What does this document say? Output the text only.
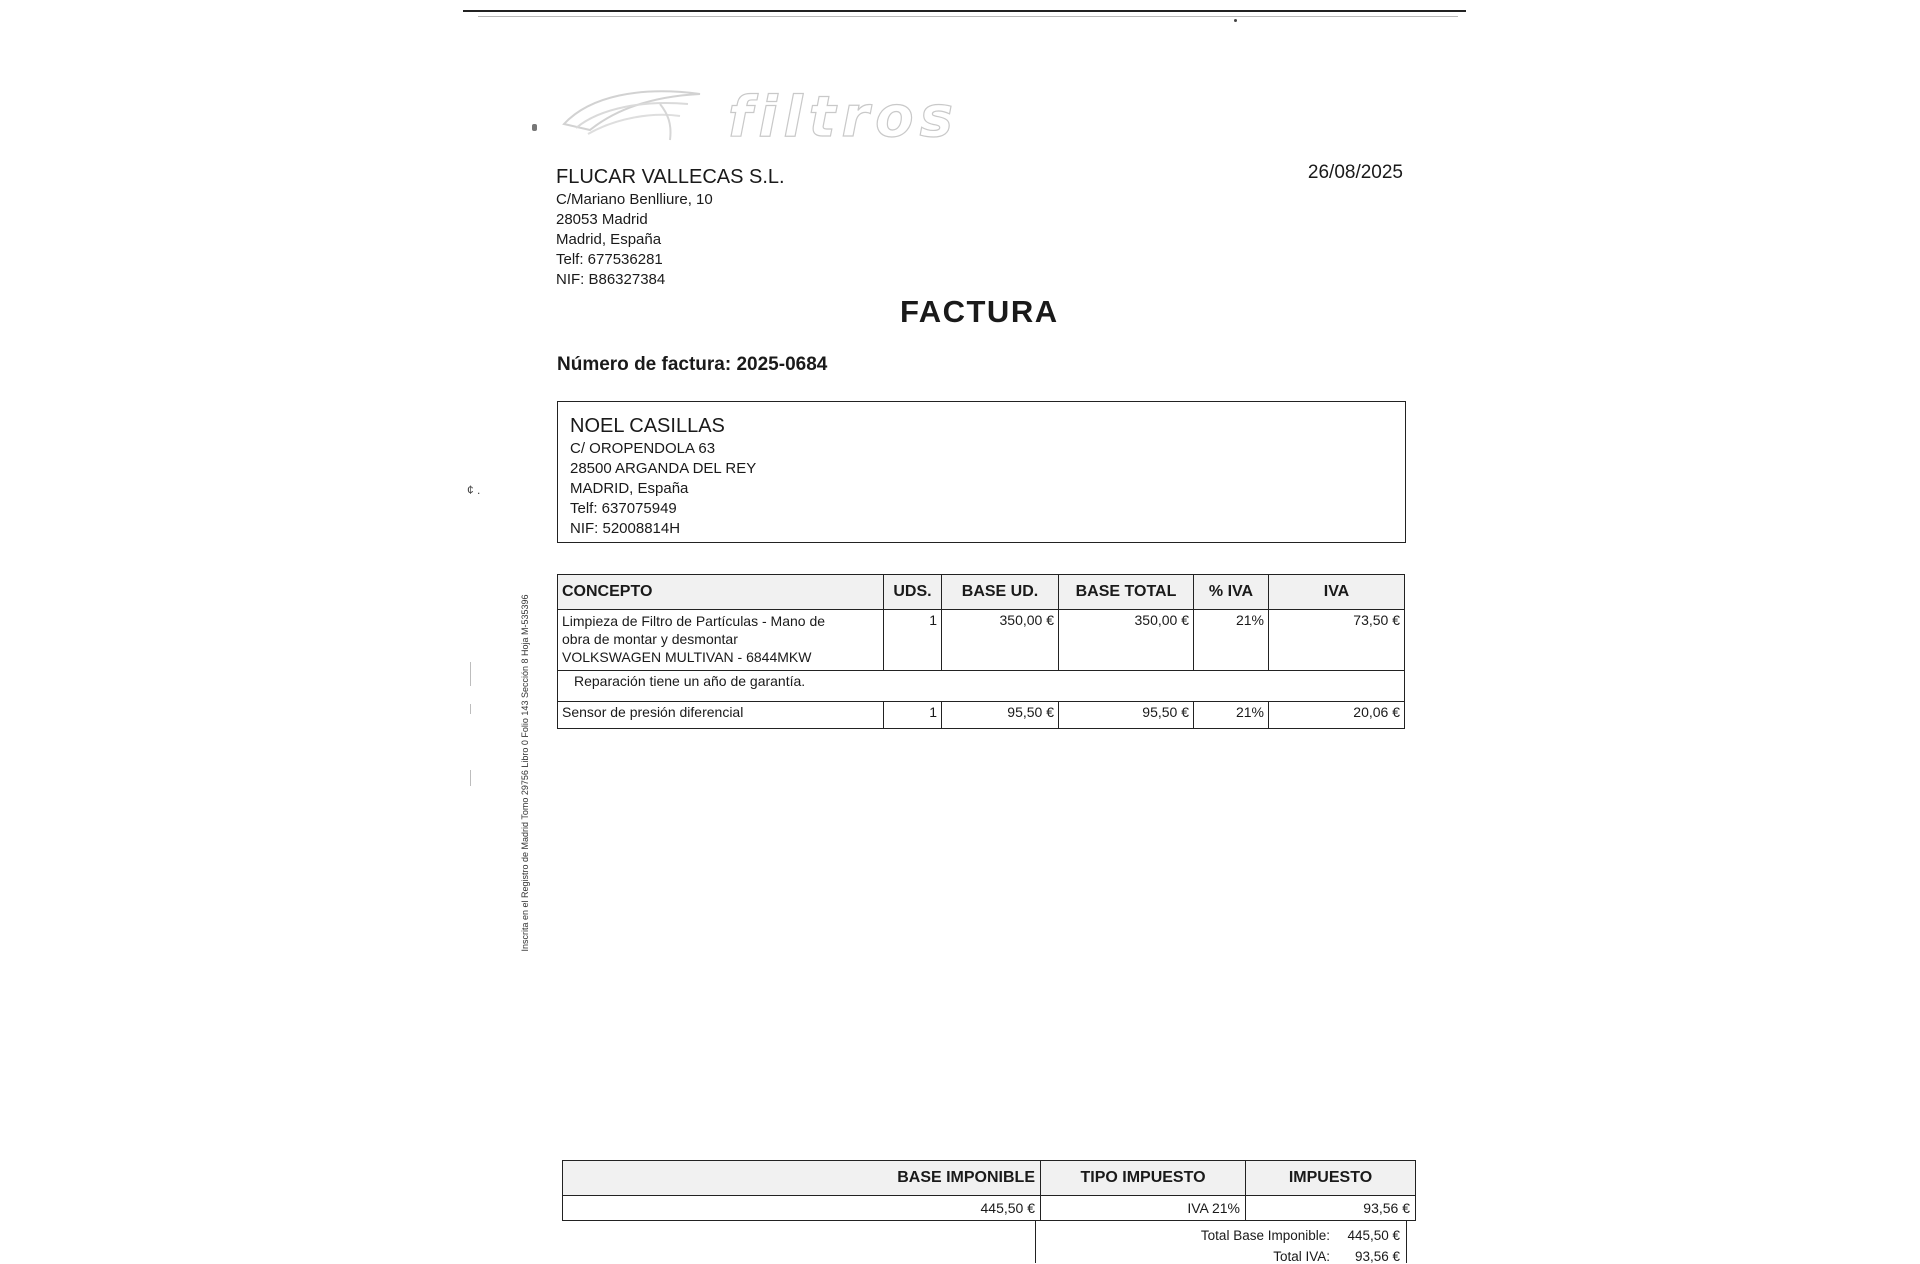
filtros
FLUCAR VALLECAS S.L.
C/Mariano Benlliure, 10
28053 Madrid
Madrid, España
Telf: 677536281
NIF: B86327384
26/08/2025
FACTURA
Número de factura: 2025-0684
NOEL CASILLAS
C/ OROPENDOLA 63
28500 ARGANDA DEL REY
MADRID, España
Telf: 637075949
NIF: 52008814H
Inscrita en el Registro de Madrid Tomo 29756 Libro 0 Folio 143 Sección 8 Hoja M-535396
¢ .
CONCEPTO	UDS.	BASE UD.	BASE TOTAL	% IVA	IVA

Limpieza de Filtro de Partículas - Mano de
obra de montar y desmontar
VOLKSWAGEN MULTIVAN - 6844MKW	1	350,00 €	350,00 €	21%	73,50 €
Reparación tiene un año de garantía.					
Sensor de presión diferencial	1	95,50 €	95,50 €	21%	20,06 €
BASE IMPONIBLE	TIPO IMPUESTO	IMPUESTO
445,50 €	IVA 21%	93,56 €
Total Base Imponible:	445,50 €
Total IVA:	93,56 €
